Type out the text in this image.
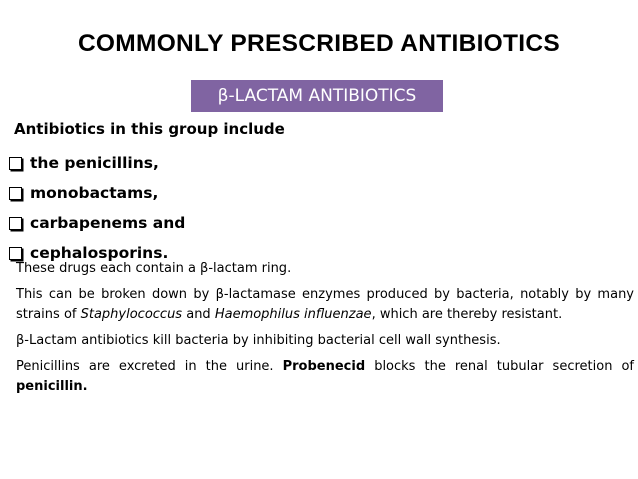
COMMONLY PRESCRIBED ANTIBIOTICS
β-LACTAM ANTIBIOTICS
Antibiotics in this group include
the penicillins,
monobactams,
carbapenems and
cephalosporins.

These drugs each contain a β-lactam ring.

This can be broken down by β-lactamase enzymes produced by bacteria, notably by many strains of Staphylococcus and Haemophilus influenzae, which are thereby resistant.

β-Lactam antibiotics kill bacteria by inhibiting bacterial cell wall synthesis.

Penicillins are excreted in the urine. Probenecid blocks the renal tubular secretion of penicillin.
